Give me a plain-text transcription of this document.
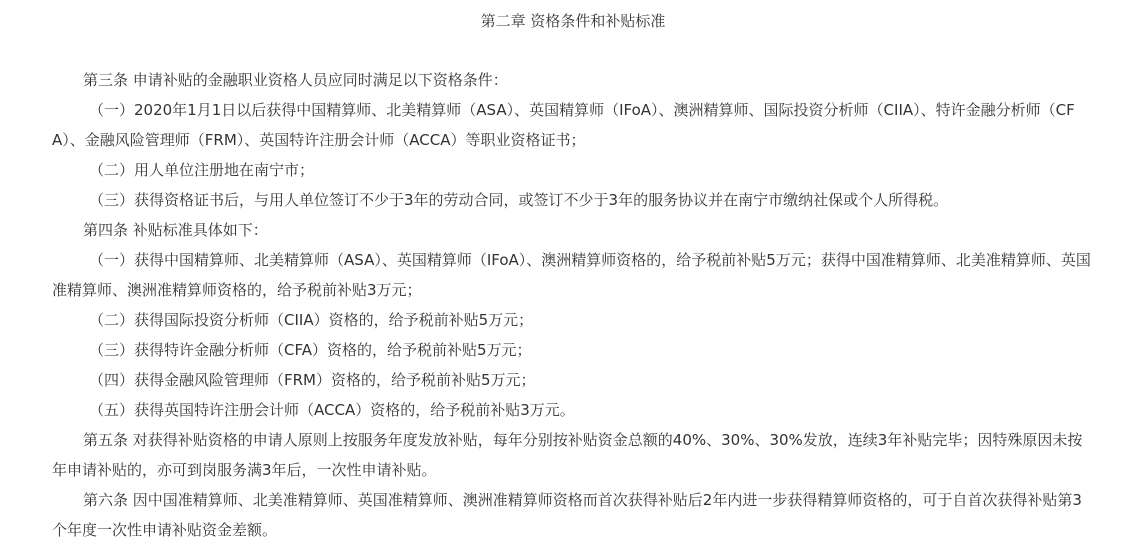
第二章 资格条件和补贴标准
第三条 申请补贴的金融职业资格人员应同时满足以下资格条件：
（一）2020年1月1日以后获得中国精算师、北美精算师（ASA）、英国精算师（IFoA）、澳洲精算师、国际投资分析师（CIIA）、特许金融分析师（CFA）、金融风险管理师（FRM）、英国特许注册会计师（ACCA）等职业资格证书；
（二）用人单位注册地在南宁市；
（三）获得资格证书后，与用人单位签订不少于3年的劳动合同，或签订不少于3年的服务协议并在南宁市缴纳社保或个人所得税。
第四条 补贴标准具体如下：
（一）获得中国精算师、北美精算师（ASA）、英国精算师（IFoA）、澳洲精算师资格的，给予税前补贴5万元；获得中国准精算师、北美准精算师、英国准精算师、澳洲准精算师资格的，给予税前补贴3万元；
（二）获得国际投资分析师（CIIA）资格的，给予税前补贴5万元；
（三）获得特许金融分析师（CFA）资格的，给予税前补贴5万元；
（四）获得金融风险管理师（FRM）资格的，给予税前补贴5万元；
（五）获得英国特许注册会计师（ACCA）资格的，给予税前补贴3万元。
第五条 对获得补贴资格的申请人原则上按服务年度发放补贴，每年分别按补贴资金总额的40%、30%、30%发放，连续3年补贴完毕；因特殊原因未按年申请补贴的，亦可到岗服务满3年后，一次性申请补贴。
第六条 因中国准精算师、北美准精算师、英国准精算师、澳洲准精算师资格而首次获得补贴后2年内进一步获得精算师资格的，可于自首次获得补贴第3个年度一次性申请补贴资金差额。
